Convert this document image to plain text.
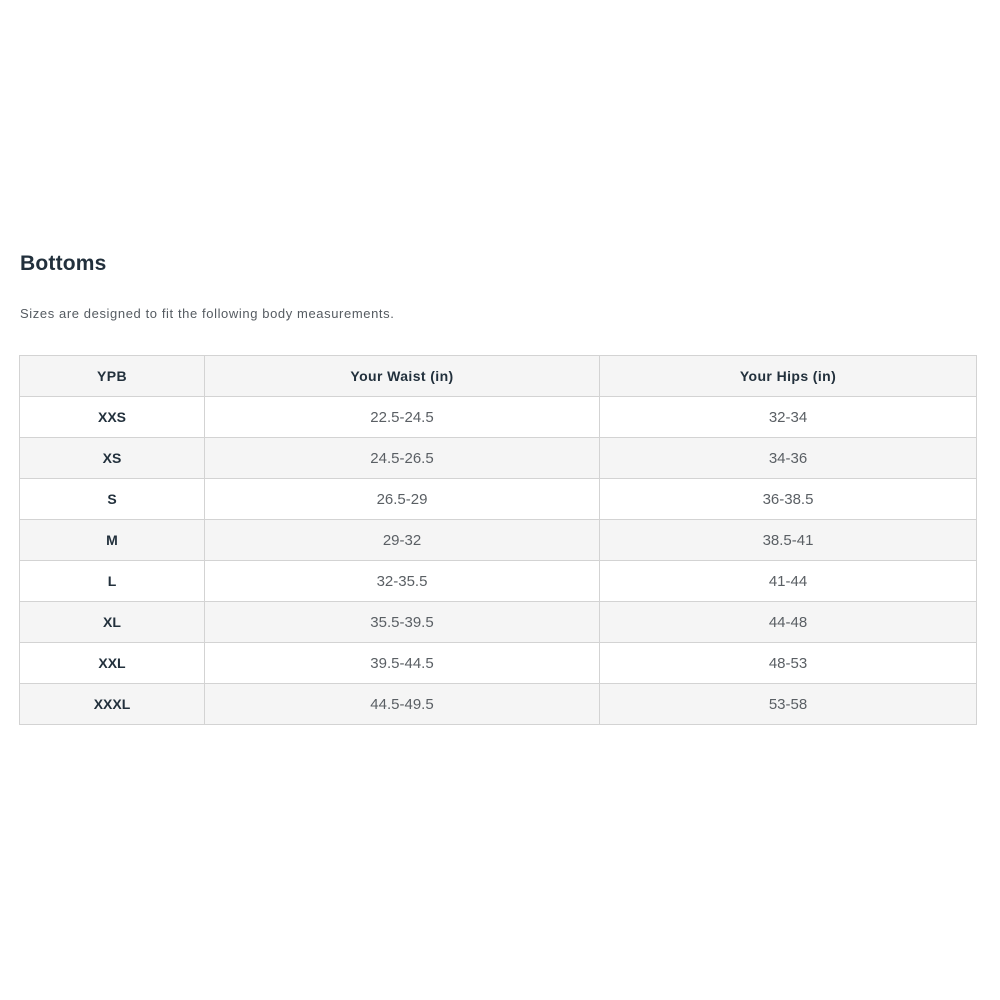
Bottoms

Sizes are designed to fit the following body measurements.

YPB	Your Waist (in)	Your Hips (in)
XXS	22.5-24.5	32-34
XS	24.5-26.5	34-36
S	26.5-29	36-38.5
M	29-32	38.5-41
L	32-35.5	41-44
XL	35.5-39.5	44-48
XXL	39.5-44.5	48-53
XXXL	44.5-49.5	53-58
